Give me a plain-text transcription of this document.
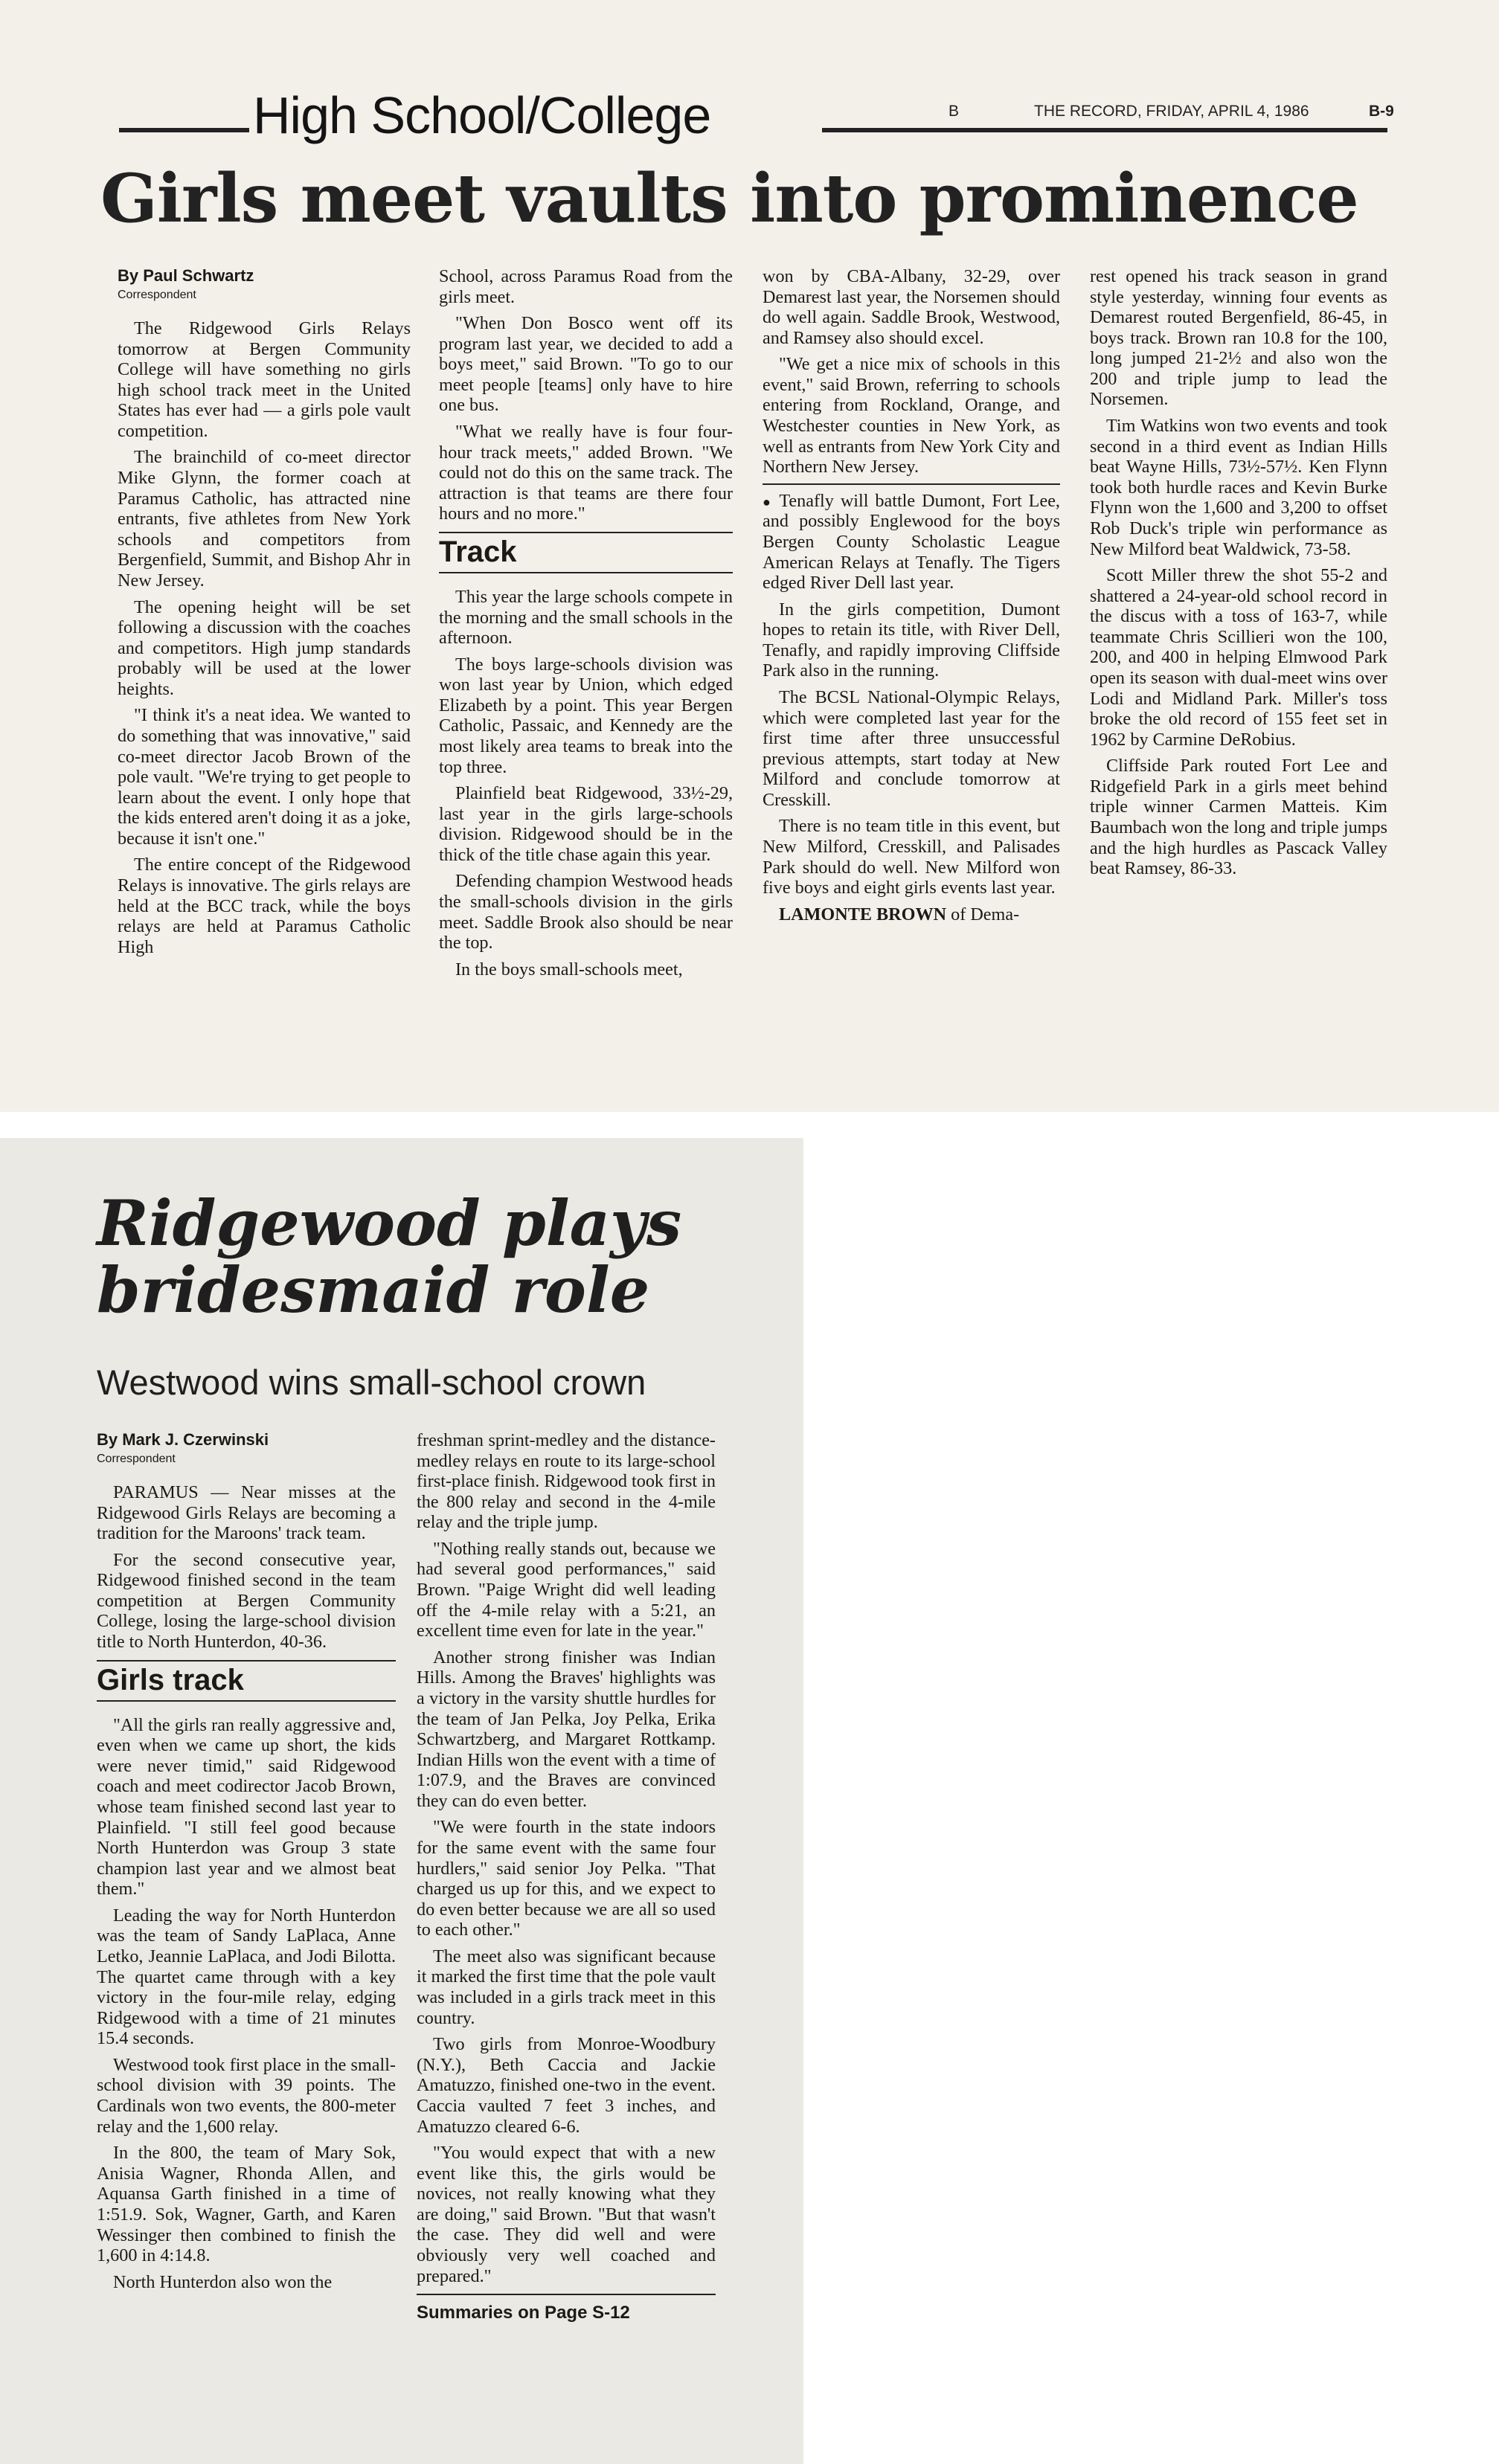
High School/College	B	THE RECORD, FRIDAY, APRIL 4, 1986	B-9
Girls meet vaults into prominence

By Paul Schwartz

Correspondent

The Ridgewood Girls Relays tomorrow at Bergen Community College will have something no girls high school track meet in the United States has ever had — a girls pole vault competition.

The brainchild of co-meet director Mike Glynn, the former coach at Paramus Catholic, has attracted nine entrants, five athletes from New York schools and competitors from Bergenfield, Summit, and Bishop Ahr in New Jersey.

The opening height will be set following a discussion with the coaches and competitors. High jump standards probably will be used at the lower heights.

"I think it's a neat idea. We wanted to do something that was innovative," said co-meet director Jacob Brown of the pole vault. "We're trying to get people to learn about the event. I only hope that the kids entered aren't doing it as a joke, because it isn't one."

The entire concept of the Ridgewood Relays is innovative. The girls relays are held at the BCC track, while the boys relays are held at Paramus Catholic High

School, across Paramus Road from the girls meet.

"When Don Bosco went off its program last year, we decided to add a boys meet," said Brown. "To go to our meet people [teams] only have to hire one bus.

"What we really have is four four-hour track meets," added Brown. "We could not do this on the same track. The attraction is that teams are there four hours and no more."

Track

This year the large schools compete in the morning and the small schools in the afternoon.

The boys large-schools division was won last year by Union, which edged Elizabeth by a point. This year Bergen Catholic, Passaic, and Kennedy are the most likely area teams to break into the top three.

Plainfield beat Ridgewood, 33½-29, last year in the girls large-schools division. Ridgewood should be in the thick of the title chase again this year.

Defending champion Westwood heads the small-schools division in the girls meet. Saddle Brook also should be near the top.

In the boys small-schools meet,

won by CBA-Albany, 32-29, over Demarest last year, the Norsemen should do well again. Saddle Brook, Westwood, and Ramsey also should excel.

"We get a nice mix of schools in this event," said Brown, referring to schools entering from Rockland, Orange, and Westchester counties in New York, as well as entrants from New York City and Northern New Jersey.

● Tenafly will battle Dumont, Fort Lee, and possibly Englewood for the boys Bergen County Scholastic League American Relays at Tenafly. The Tigers edged River Dell last year.

In the girls competition, Dumont hopes to retain its title, with River Dell, Tenafly, and rapidly improving Cliffside Park also in the running.

The BCSL National-Olympic Relays, which were completed last year for the first time after three unsuccessful previous attempts, start today at New Milford and conclude tomorrow at Cresskill.

There is no team title in this event, but New Milford, Cresskill, and Palisades Park should do well. New Milford won five boys and eight girls events last year.

LAMONTE BROWN of Dema-

rest opened his track season in grand style yesterday, winning four events as Demarest routed Bergenfield, 86-45, in boys track. Brown ran 10.8 for the 100, long jumped 21-2½ and also won the 200 and triple jump to lead the Norsemen.

Tim Watkins won two events and took second in a third event as Indian Hills beat Wayne Hills, 73½-57½. Ken Flynn took both hurdle races and Kevin Burke Flynn won the 1,600 and 3,200 to offset Rob Duck's triple win performance as New Milford beat Waldwick, 73-58.

Scott Miller threw the shot 55-2 and shattered a 24-year-old school record in the discus with a toss of 163-7, while teammate Chris Scillieri won the 100, 200, and 400 in helping Elmwood Park open its season with dual-meet wins over Lodi and Midland Park. Miller's toss broke the old record of 155 feet set in 1962 by Carmine DeRobius.

Cliffside Park routed Fort Lee and Ridgefield Park in a girls meet behind triple winner Carmen Matteis. Kim Baumbach won the long and triple jumps and the high hurdles as Pascack Valley beat Ramsey, 86-33.

Ridgewood plays
bridesmaid role
Westwood wins small-school crown

By Mark J. Czerwinski

Correspondent

PARAMUS — Near misses at the Ridgewood Girls Relays are becoming a tradition for the Maroons' track team.

For the second consecutive year, Ridgewood finished second in the team competition at Bergen Community College, losing the large-school division title to North Hunterdon, 40-36.

Girls track

"All the girls ran really aggressive and, even when we came up short, the kids were never timid," said Ridgewood coach and meet codirector Jacob Brown, whose team finished second last year to Plainfield. "I still feel good because North Hunterdon was Group 3 state champion last year and we almost beat them."

Leading the way for North Hunterdon was the team of Sandy LaPlaca, Anne Letko, Jeannie LaPlaca, and Jodi Bilotta. The quartet came through with a key victory in the four-mile relay, edging Ridgewood with a time of 21 minutes 15.4 seconds.

Westwood took first place in the small-school division with 39 points. The Cardinals won two events, the 800-meter relay and the 1,600 relay.

In the 800, the team of Mary Sok, Anisia Wagner, Rhonda Allen, and Aquansa Garth finished in a time of 1:51.9. Sok, Wagner, Garth, and Karen Wessinger then combined to finish the 1,600 in 4:14.8.

North Hunterdon also won the

freshman sprint-medley and the distance-medley relays en route to its large-school first-place finish. Ridgewood took first in the 800 relay and second in the 4-mile relay and the triple jump.

"Nothing really stands out, because we had several good performances," said Brown. "Paige Wright did well leading off the 4-mile relay with a 5:21, an excellent time even for late in the year."

Another strong finisher was Indian Hills. Among the Braves' highlights was a victory in the varsity shuttle hurdles for the team of Jan Pelka, Joy Pelka, Erika Schwartzberg, and Margaret Rottkamp. Indian Hills won the event with a time of 1:07.9, and the Braves are convinced they can do even better.

"We were fourth in the state indoors for the same event with the same four hurdlers," said senior Joy Pelka. "That charged us up for this, and we expect to do even better because we are all so used to each other."

The meet also was significant because it marked the first time that the pole vault was included in a girls track meet in this country.

Two girls from Monroe-Woodbury (N.Y.), Beth Caccia and Jackie Amatuzzo, finished one-two in the event. Caccia vaulted 7 feet 3 inches, and Amatuzzo cleared 6-6.

"You would expect that with a new event like this, the girls would be novices, not really knowing what they are doing," said Brown. "But that wasn't the case. They did well and were obviously very well coached and prepared."

Summaries on Page S-12
